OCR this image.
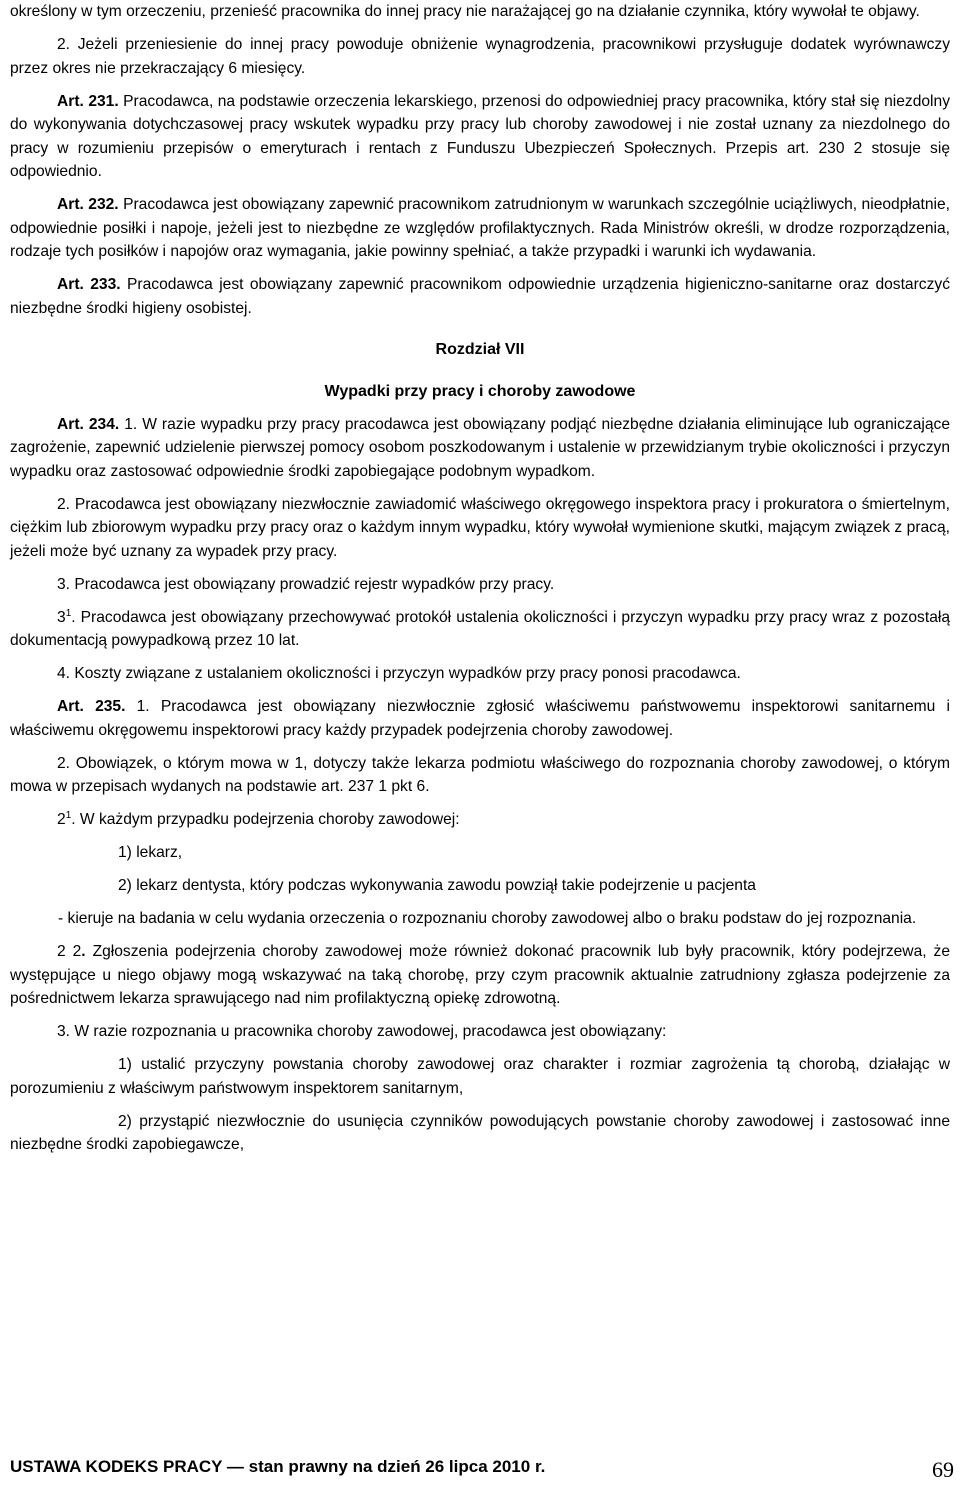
określony w tym orzeczeniu, przenieść pracownika do innej pracy nie narażającej go na działanie czynnika, który wywołał te objawy.

2. Jeżeli przeniesienie do innej pracy powoduje obniżenie wynagrodzenia, pracownikowi przysługuje dodatek wyrównawczy przez okres nie przekraczający 6 miesięcy.

Art. 231. Pracodawca, na podstawie orzeczenia lekarskiego, przenosi do odpowiedniej pracy pracownika, który stał się niezdolny do wykonywania dotychczasowej pracy wskutek wypadku przy pracy lub choroby zawodowej i nie został uznany za niezdolnego do pracy w rozumieniu przepisów o emeryturach i rentach z Funduszu Ubezpieczeń Społecznych. Przepis art. 230 2 stosuje się odpowiednio.

Art. 232. Pracodawca jest obowiązany zapewnić pracownikom zatrudnionym w warunkach szczególnie uciążliwych, nieodpłatnie, odpowiednie posiłki i napoje, jeżeli jest to niezbędne ze względów profilaktycznych. Rada Ministrów określi, w drodze rozporządzenia, rodzaje tych posiłków i napojów oraz wymagania, jakie powinny spełniać, a także przypadki i warunki ich wydawania.

Art. 233. Pracodawca jest obowiązany zapewnić pracownikom odpowiednie urządzenia higieniczno-sanitarne oraz dostarczyć niezbędne środki higieny osobistej.

Rozdział VII

Wypadki przy pracy i choroby zawodowe

Art. 234. 1. W razie wypadku przy pracy pracodawca jest obowiązany podjąć niezbędne działania eliminujące lub ograniczające zagrożenie, zapewnić udzielenie pierwszej pomocy osobom poszkodowanym i ustalenie w przewidzianym trybie okoliczności i przyczyn wypadku oraz zastosować odpowiednie środki zapobiegające podobnym wypadkom.

2. Pracodawca jest obowiązany niezwłocznie zawiadomić właściwego okręgowego inspektora pracy i prokuratora o śmiertelnym, ciężkim lub zbiorowym wypadku przy pracy oraz o każdym innym wypadku, który wywołał wymienione skutki, mającym związek z pracą, jeżeli może być uznany za wypadek przy pracy.

3. Pracodawca jest obowiązany prowadzić rejestr wypadków przy pracy.

$3^1$. Pracodawca jest obowiązany przechowywać protokół ustalenia okoliczności i przyczyn wypadku przy pracy wraz z pozostałą dokumentacją powypadkową przez 10 lat.

4. Koszty związane z ustalaniem okoliczności i przyczyn wypadków przy pracy ponosi pracodawca.

Art. 235. 1. Pracodawca jest obowiązany niezwłocznie zgłosić właściwemu państwowemu inspektorowi sanitarnemu i właściwemu okręgowemu inspektorowi pracy każdy przypadek podejrzenia choroby zawodowej.

2. Obowiązek, o którym mowa w 1, dotyczy także lekarza podmiotu właściwego do rozpoznania choroby zawodowej, o którym mowa w przepisach wydanych na podstawie art. 237 1 pkt 6.

$2^1$. W każdym przypadku podejrzenia choroby zawodowej:

1) lekarz,

2) lekarz dentysta, który podczas wykonywania zawodu powziął takie podejrzenie u pacjenta

- kieruje na badania w celu wydania orzeczenia o rozpoznaniu choroby zawodowej albo o braku podstaw do jej rozpoznania.

2 2. Zgłoszenia podejrzenia choroby zawodowej może również dokonać pracownik lub były pracownik, który podejrzewa, że występujące u niego objawy mogą wskazywać na taką chorobę, przy czym pracownik aktualnie zatrudniony zgłasza podejrzenie za pośrednictwem lekarza sprawującego nad nim profilaktyczną opiekę zdrowotną.

3. W razie rozpoznania u pracownika choroby zawodowej, pracodawca jest obowiązany:

1) ustalić przyczyny powstania choroby zawodowej oraz charakter i rozmiar zagrożenia tą chorobą, działając w porozumieniu z właściwym państwowym inspektorem sanitarnym,

2) przystąpić niezwłocznie do usunięcia czynników powodujących powstanie choroby zawodowej i zastosować inne niezbędne środki zapobiegawcze,

USTAWA KODEKS PRACY — stan prawny na dzień 26 lipca 2010 r.	69
